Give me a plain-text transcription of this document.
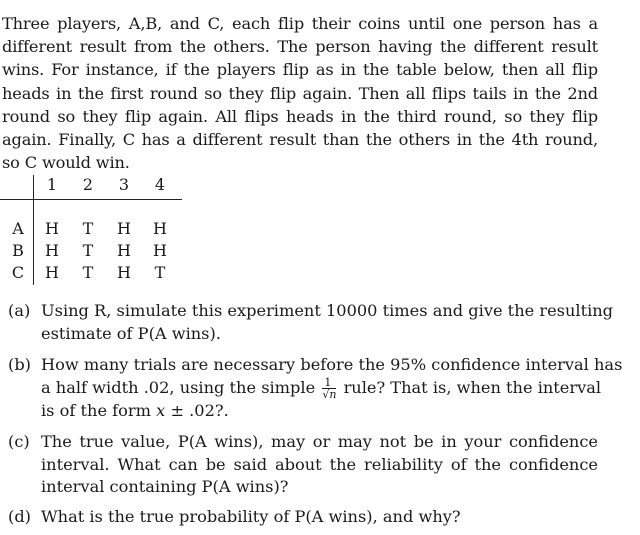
Three players, A,B, and C, each flip their coins until one person has a
different result from the others. The person having the different result
wins. For instance, if the players flip as in the table below, then all flip
heads in the first round so they flip again. Then all flips tails in the 2nd
round so they flip again. All flips heads in the third round, so they flip
again. Finally, C has a different result than the others in the 4th round,
so C would win.
1	2	3	4
A H T H H
B H T H H
C H T H T
(a) Using R, simulate this experiment 10000 times and give the resulting
estimate of P(A wins).
(b) How many trials are necessary before the 95% confidence interval has
a half width .02, using the simple $\frac{1}{√n}$ rule? That is, when the interval
is of the form x ± .02?.
(c) The true value, P(A wins), may or may not be in your confidence
interval. What can be said about the reliability of the confidence
interval containing P(A wins)?
(d) What is the true probability of P(A wins), and why?
